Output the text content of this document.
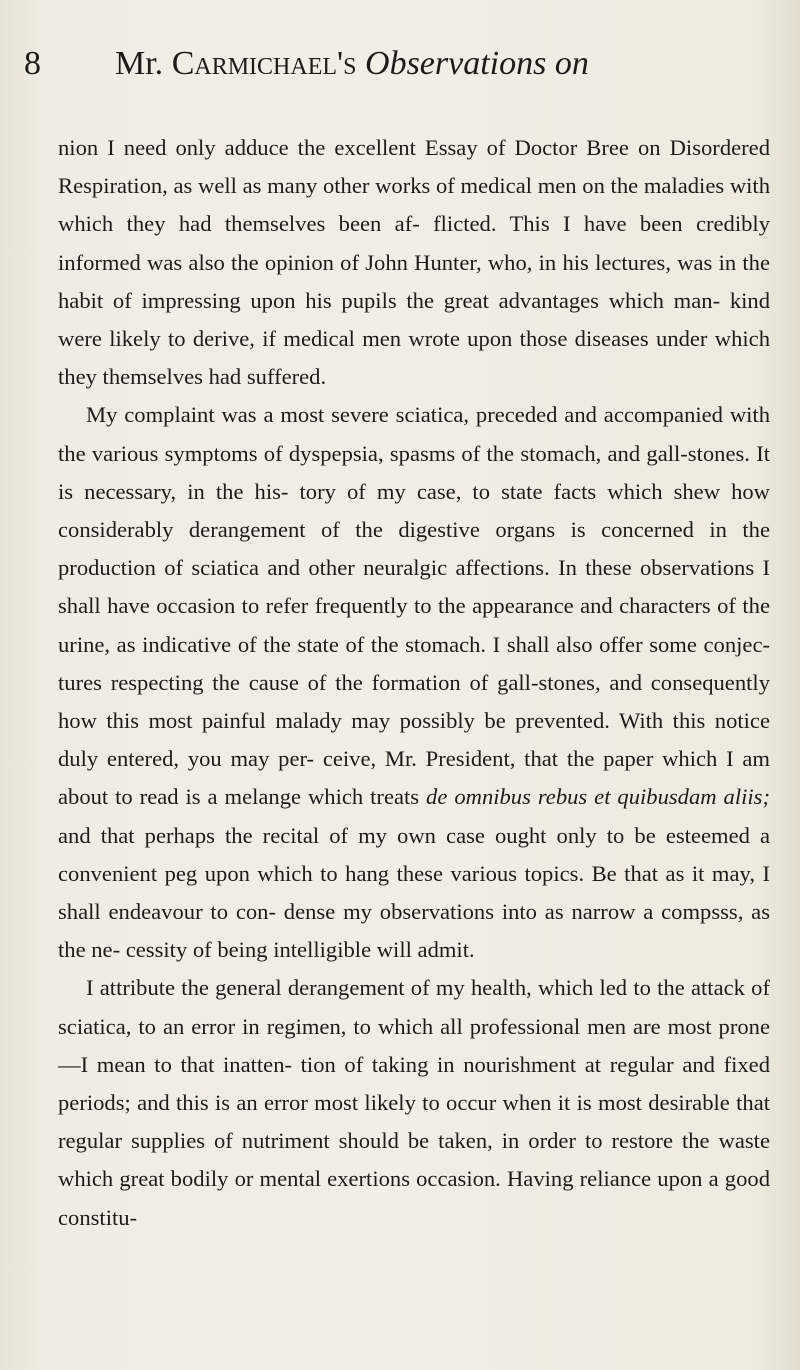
8 Mr. Carmichael's Observations on

nion I need only adduce the excellent Essay of Doctor Bree on Disordered Respiration, as well as many other works of medical men on the maladies with which they had themselves been af- flicted. This I have been credibly informed was also the opinion of John Hunter, who, in his lectures, was in the habit of impressing upon his pupils the great advantages which man- kind were likely to derive, if medical men wrote upon those diseases under which they themselves had suffered.

My complaint was a most severe sciatica, preceded and accompanied with the various symptoms of dyspepsia, spasms of the stomach, and gall-stones. It is necessary, in the his- tory of my case, to state facts which shew how considerably derangement of the digestive organs is concerned in the production of sciatica and other neuralgic affections. In these observations I shall have occasion to refer frequently to the appearance and characters of the urine, as indicative of the state of the stomach. I shall also offer some conjec- tures respecting the cause of the formation of gall-stones, and consequently how this most painful malady may possibly be prevented. With this notice duly entered, you may per- ceive, Mr. President, that the paper which I am about to read is a melange which treats de omnibus rebus et quibusdam aliis; and that perhaps the recital of my own case ought only to be esteemed a convenient peg upon which to hang these various topics. Be that as it may, I shall endeavour to con- dense my observations into as narrow a compsss, as the ne- cessity of being intelligible will admit.

I attribute the general derangement of my health, which led to the attack of sciatica, to an error in regimen, to which all professional men are most prone—I mean to that inatten- tion of taking in nourishment at regular and fixed periods; and this is an error most likely to occur when it is most desirable that regular supplies of nutriment should be taken, in order to restore the waste which great bodily or mental exertions occasion. Having reliance upon a good constitu-
